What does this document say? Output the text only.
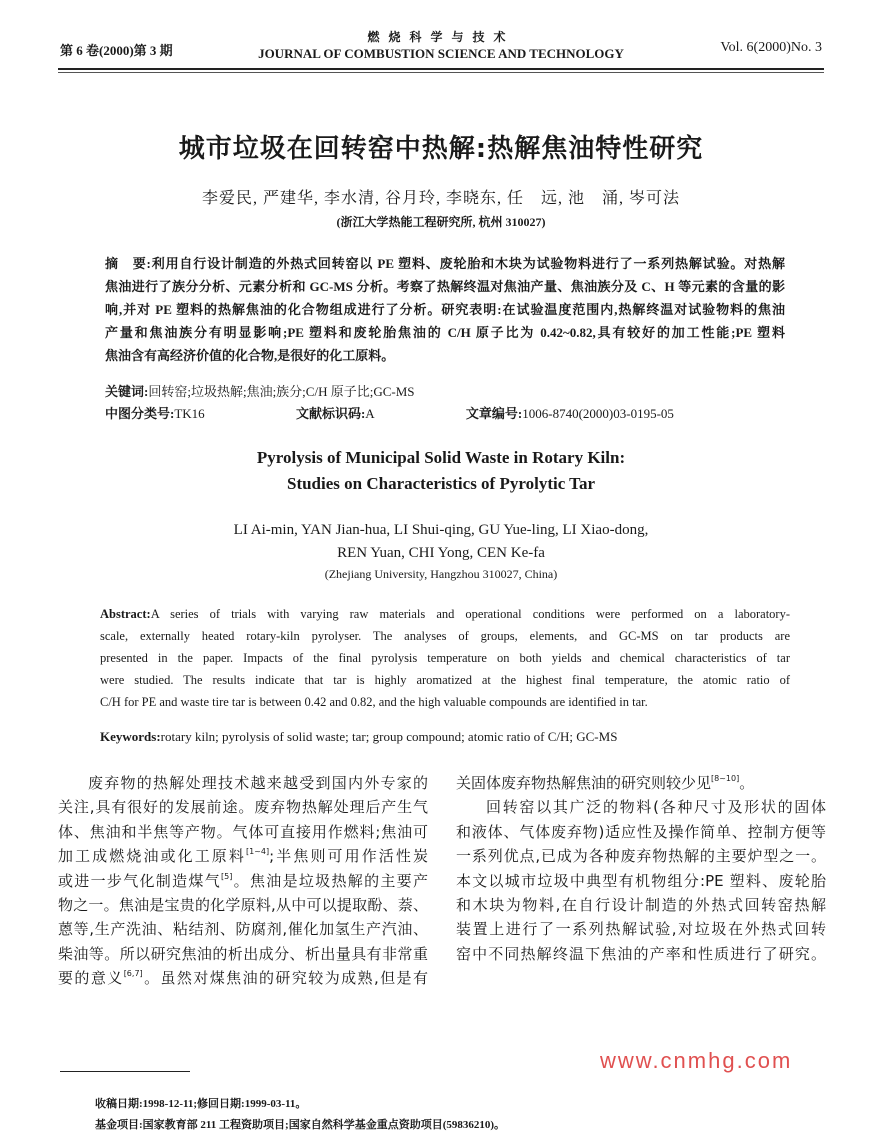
第 6 卷(2000)第 3 期
燃烧科学与技术
JOURNAL OF COMBUSTION SCIENCE AND TECHNOLOGY	Vol. 6(2000)No. 3
城市垃圾在回转窑中热解:热解焦油特性研究
李爱民, 严建华, 李水清, 谷月玲, 李晓东, 任　远, 池　涌, 岑可法
(浙江大学热能工程研究所, 杭州 310027)
摘　要:利用自行设计制造的外热式回转窑以 PE 塑料、废轮胎和木块为试验物料进行了一系列热解试验。对热解
焦油进行了族分分析、元素分析和 GC-MS 分析。考察了热解终温对焦油产量、焦油族分及 C、H 等元素的含量的影
响,并对 PE 塑料的热解焦油的化合物组成进行了分析。研究表明:在试验温度范围内,热解终温对试验物料的焦油
产量和焦油族分有明显影响;PE 塑料和废轮胎焦油的 C/H 原子比为 0.42~0.82,具有较好的加工性能;PE 塑料
焦油含有高经济价值的化合物,是很好的化工原料。
关键词:回转窑;垃圾热解;焦油;族分;C/H 原子比;GC-MS
中图分类号:TK16	文献标识码:A	文章编号:1006-8740(2000)03-0195-05
Pyrolysis of Municipal Solid Waste in Rotary Kiln:
Studies on Characteristics of Pyrolytic Tar
LI Ai-min, YAN Jian-hua, LI Shui-qing, GU Yue-ling, LI Xiao-dong,
REN Yuan, CHI Yong, CEN Ke-fa
(Zhejiang University, Hangzhou 310027, China)
Abstract:A series of trials with varying raw materials and operational conditions were performed on a laboratory-
scale, externally heated rotary-kiln pyrolyser. The analyses of groups, elements, and GC-MS on tar products are
presented in the paper. Impacts of the final pyrolysis temperature on both yields and chemical characteristics of tar
were studied. The results indicate that tar is highly aromatized at the highest final temperature, the atomic ratio of
C/H for PE and waste tire tar is between 0.42 and 0.82, and the high valuable compounds are identified in tar.
Keywords:rotary kiln; pyrolysis of solid waste; tar; group compound; atomic ratio of C/H; GC-MS
废弃物的热解处理技术越来越受到国内外专家的
关注,具有很好的发展前途。废弃物热解处理后产生气
体、焦油和半焦等产物。气体可直接用作燃料;焦油可
加工成燃烧油或化工原料[1~4];半焦则可用作活性炭
或进一步气化制造煤气[5]。焦油是垃圾热解的主要产
物之一。焦油是宝贵的化学原料,从中可以提取酚、萘、
蒽等,生产洗油、粘结剂、防腐剂,催化加氢生产汽油、
柴油等。所以研究焦油的析出成分、析出量具有非常重
要的意义[6,7]。虽然对煤焦油的研究较为成熟,但是有
关固体废弃物热解焦油的研究则较少见[8~10]。
回转窑以其广泛的物料(各种尺寸及形状的固体
和液体、气体废弃物)适应性及操作简单、控制方便等
一系列优点,已成为各种废弃物热解的主要炉型之一。
本文以城市垃圾中典型有机物组分:PE 塑料、废轮胎
和木块为物料,在自行设计制造的外热式回转窑热解
装置上进行了一系列热解试验,对垃圾在外热式回转
窑中不同热解终温下焦油的产率和性质进行了研究。
收稿日期:1998-12-11;修回日期:1999-03-11。
基金项目:国家教育部 211 工程资助项目;国家自然科学基金重点资助项目(59836210)。
www.cnmhg.com
